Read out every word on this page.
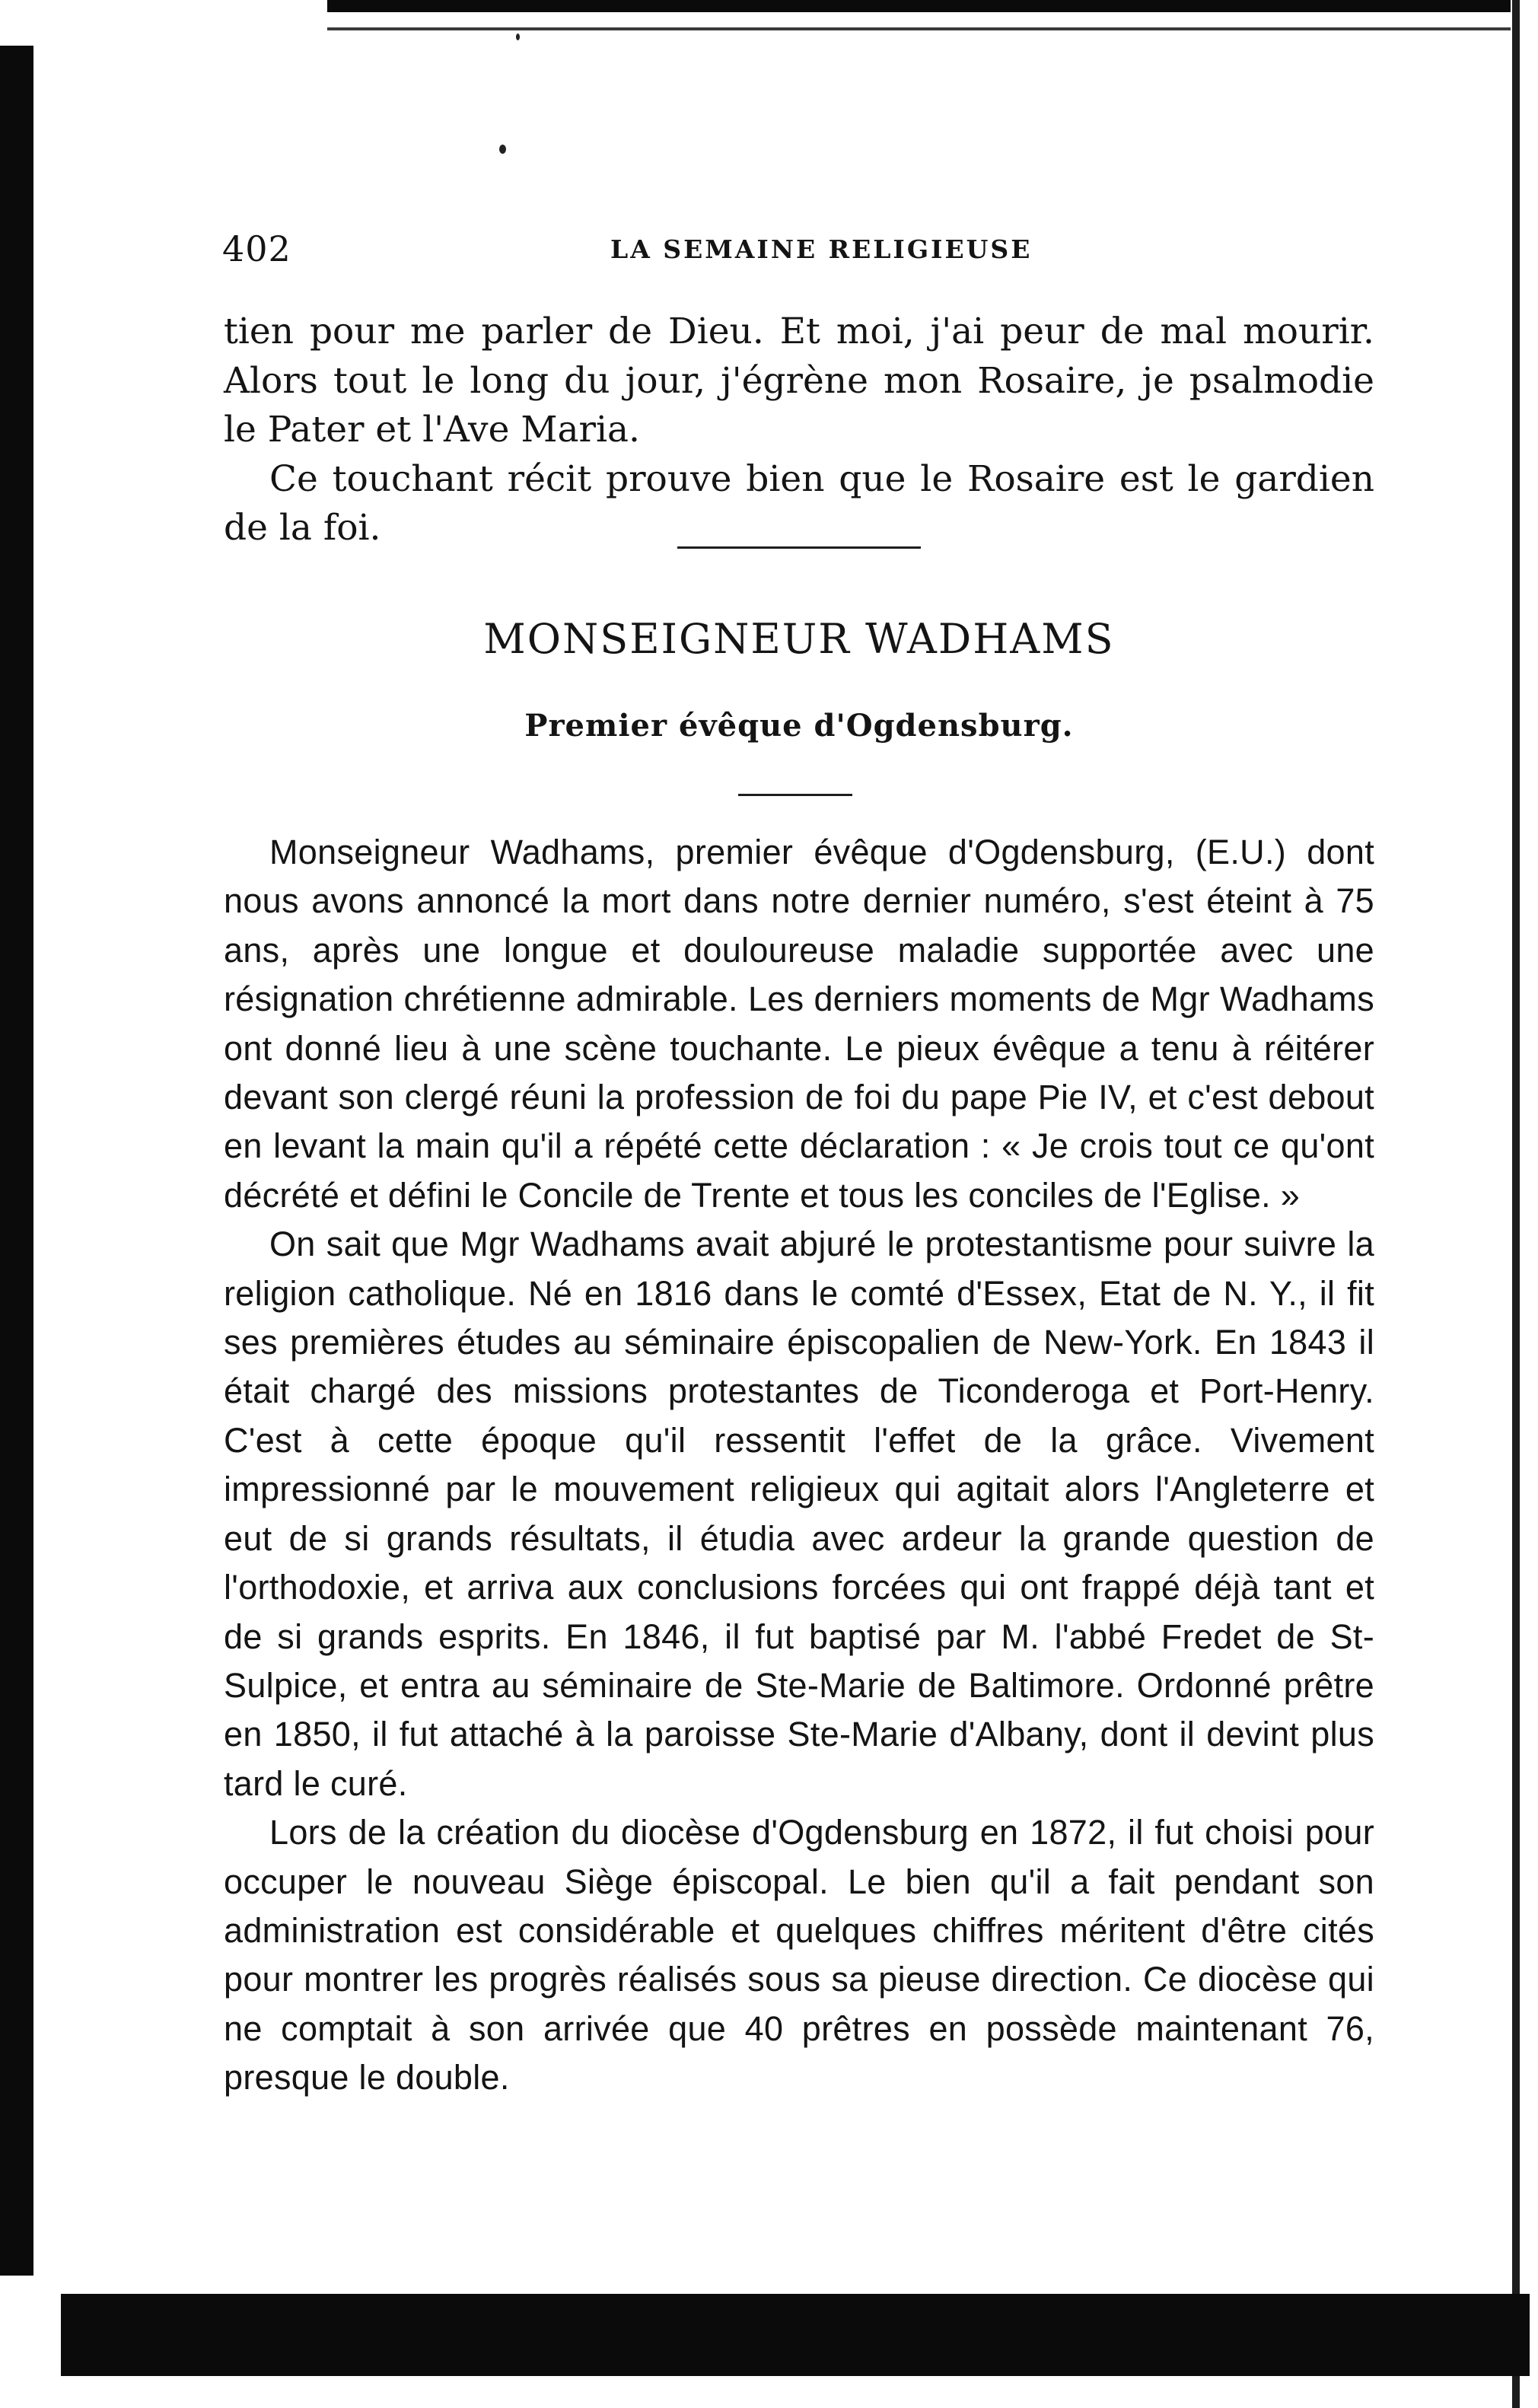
402	LA SEMAINE RELIGIEUSE

tien pour me parler de Dieu. Et moi, j'ai peur de mal mourir. Alors tout le long du jour, j'égrène mon Rosaire, je psalmodie le Pater et l'Ave Maria.

Ce touchant récit prouve bien que le Rosaire est le gardien de la foi.

MONSEIGNEUR WADHAMS
Premier évêque d'Ogdensburg.

Monseigneur Wadhams, premier évêque d'Ogdensburg, (E.U.) dont nous avons annoncé la mort dans notre dernier numéro, s'est éteint à 75 ans, après une longue et douloureuse maladie supportée avec une résignation chrétienne admirable. Les derniers moments de Mgr Wadhams ont donné lieu à une scène touchante. Le pieux évêque a tenu à réitérer devant son clergé réuni la profession de foi du pape Pie IV, et c'est debout en levant la main qu'il a répété cette déclaration : « Je crois tout ce qu'ont décrété et défini le Concile de Trente et tous les conciles de l'Eglise. »

On sait que Mgr Wadhams avait abjuré le protestantisme pour suivre la religion catholique. Né en 1816 dans le comté d'Essex, Etat de N. Y., il fit ses premières études au séminaire épiscopalien de New-York. En 1843 il était chargé des missions protestantes de Ticonderoga et Port-Henry. C'est à cette époque qu'il ressentit l'effet de la grâce. Vivement impressionné par le mouvement religieux qui agitait alors l'Angleterre et eut de si grands résultats, il étudia avec ardeur la grande question de l'orthodoxie, et arriva aux conclusions forcées qui ont frappé déjà tant et de si grands esprits. En 1846, il fut baptisé par M. l'abbé Fredet de St-Sulpice, et entra au séminaire de Ste-Marie de Baltimore. Ordonné prêtre en 1850, il fut attaché à la paroisse Ste-Marie d'Albany, dont il devint plus tard le curé.

Lors de la création du diocèse d'Ogdensburg en 1872, il fut choisi pour occuper le nouveau Siège épiscopal. Le bien qu'il a fait pendant son administration est considérable et quelques chiffres méritent d'être cités pour montrer les progrès réalisés sous sa pieuse direction. Ce diocèse qui ne comptait à son arrivée que 40 prêtres en possède maintenant 76, presque le double.
